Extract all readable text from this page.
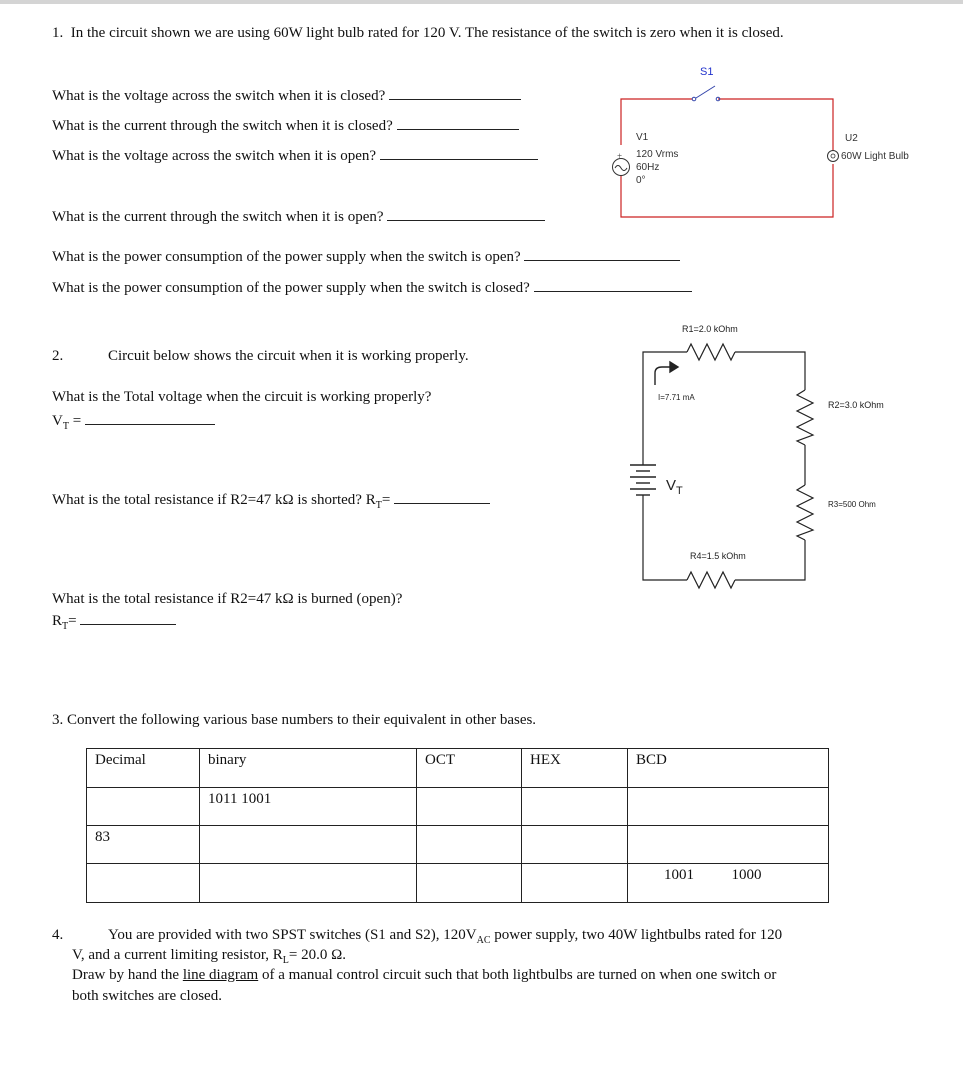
1. In the circuit shown we are using 60W light bulb rated for 120 V. The resistance of the switch is zero when it is closed.
What is the voltage across the switch when it is closed?
What is the current through the switch when it is closed?
What is the voltage across the switch when it is open?
What is the current through the switch when it is open?
What is the power consumption of the power supply when the switch is open?
What is the power consumption of the power supply when the switch is closed?
S1
+
V1
120 Vrms
60Hz
0°
U2
60W Light Bulb
2.	Circuit below shows the circuit when it is working properly.
What is the Total voltage when the circuit is working properly?
$V_T$ =
What is the total resistance if R2=47 kΩ is shorted? $R_T=$
What is the total resistance if R2=47 kΩ is burned (open)?
$R_T=$
R1=2.0 kOhm
I=7.71 mA
R2=3.0 kOhm
R3=500 Ohm
R4=1.5 kOhm
$V_T$
3. Convert the following various base numbers to their equivalent in other bases.
Decimal	binary	OCT	HEX	BCD

	1011 1001			

83				

				1001          1000
4.	You are provided with two SPST switches (S1 and S2), $120V_{AC}$ power supply, two 40W lightbulbs rated for 120
V, and a current limiting resistor, $R_L= 20.0$ Ω.
Draw by hand the line diagram of a manual control circuit such that both lightbulbs are turned on when one switch or
both switches are closed.
